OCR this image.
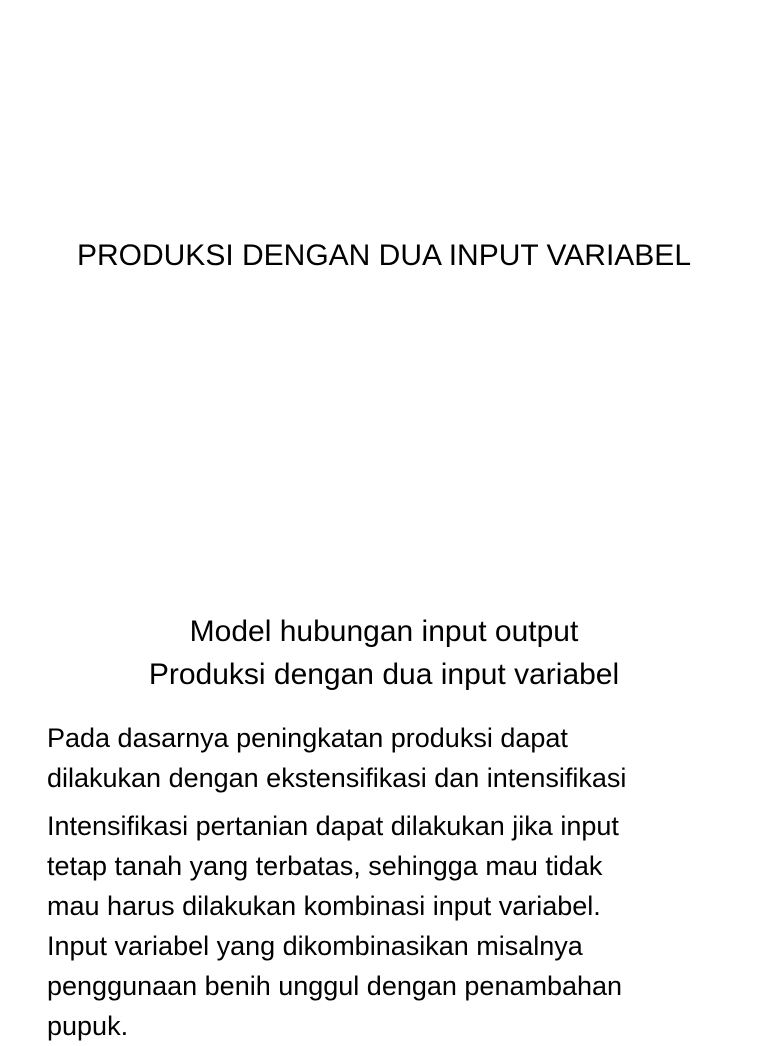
PRODUKSI DENGAN DUA INPUT VARIABEL
Model hubungan input output
Produksi dengan dua input variabel
Pada dasarnya peningkatan produksi dapat
dilakukan dengan ekstensifikasi dan intensifikasi
Intensifikasi pertanian dapat dilakukan jika input
tetap tanah yang terbatas, sehingga mau tidak
mau harus dilakukan kombinasi input variabel.
Input variabel yang dikombinasikan misalnya
penggunaan benih unggul dengan penambahan
pupuk.
